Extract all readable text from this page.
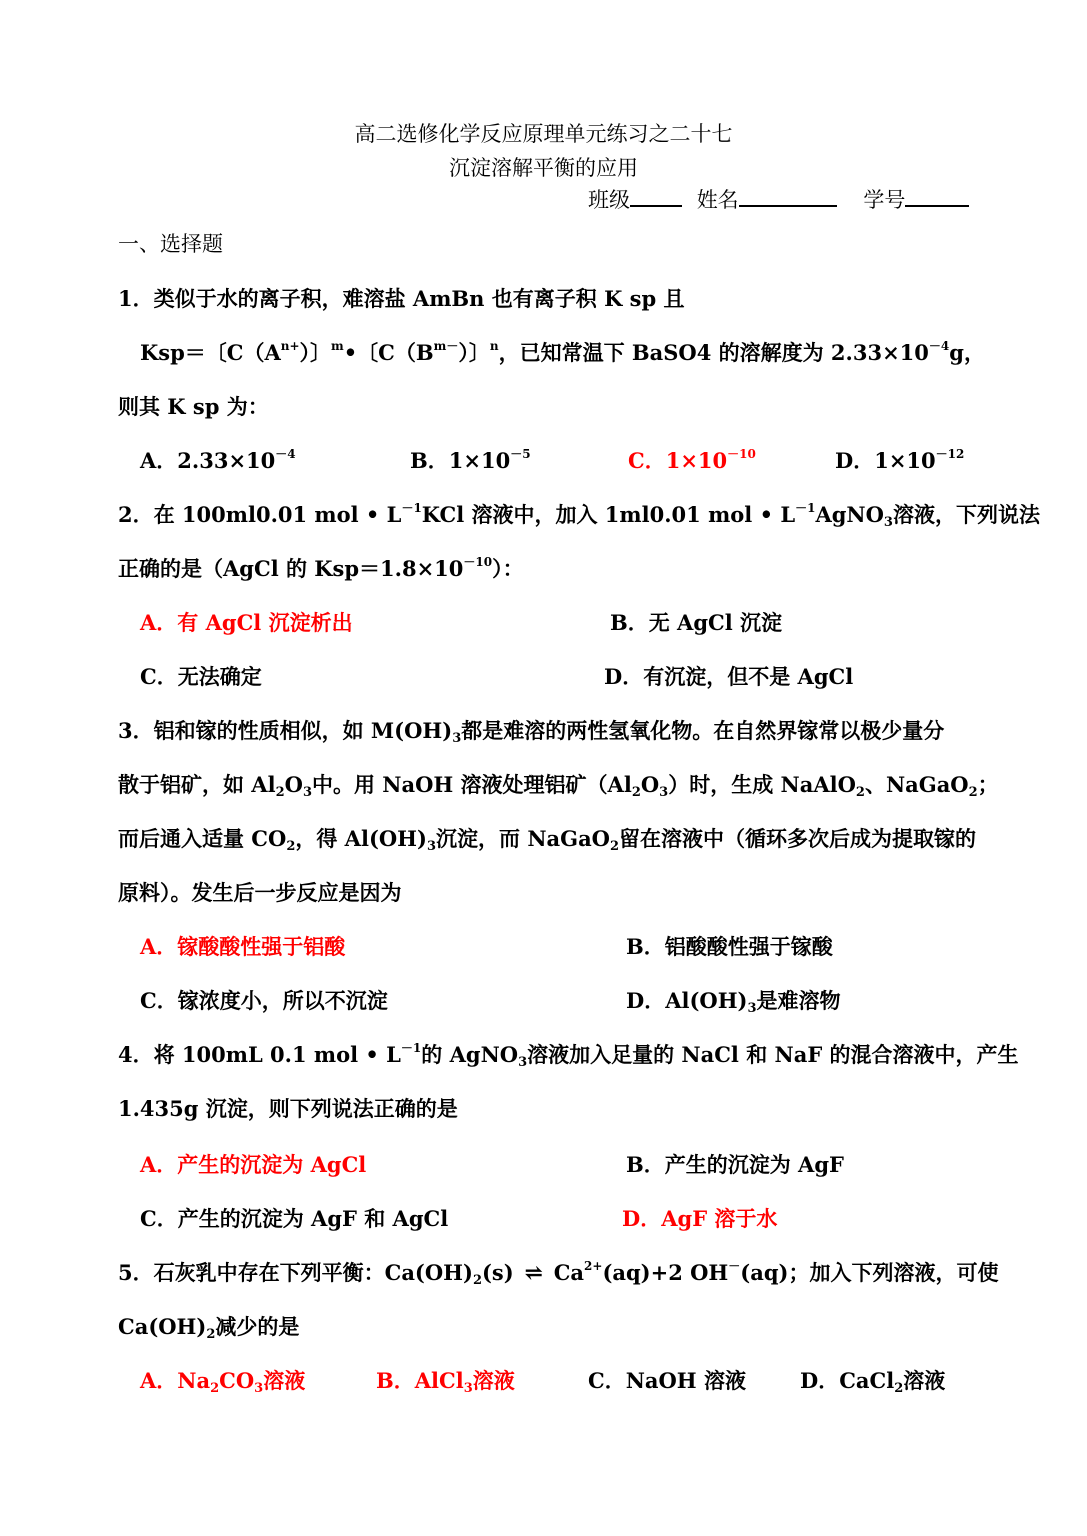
高二选修化学反应原理单元练习之二十七
沉淀溶解平衡的应用
班级	姓名	学号
一、选择题
1．类似于水的离子积，难溶盐 AmBn 也有离子积 K sp 且
Ksp＝〔$C(A^{n+})$〕$^m$•〔$C(B^{m-})$〕$^n$，已知常温下 BaSO4 的溶解度为 $2.33\times 10^{-4}g$，
则其 K sp 为：
A．$2.33\times 10^{-4}$	B．$1\times 10^{-5}$	C．$1\times 10^{-10}$	D．$1\times 10^{-12}$
2．在 100ml0.01 mol • $L^{-1}KCl$ 溶液中，加入 1ml0.01 mol • $L^{-1}AgNO_3$溶液，下列说法
正确的是（AgCl 的 $Ksp=1.8\times 10^{-10}$）：
A．有 AgCl 沉淀析出	B．无 AgCl 沉淀
C．无法确定	D．有沉淀，但不是 AgCl
3．铝和镓的性质相似，如 $M(OH)_3$都是难溶的两性氢氧化物。在自然界镓常以极少量分
散于铝矿，如 $Al_2O_3$中。用 NaOH 溶液处理铝矿$(Al_2O_3)$时，生成 NaAlO$_2$、NaGaO$_2$；
而后通入适量 $CO_2$，得 $Al(OH)_3$沉淀，而 NaGaO$_2$留在溶液中（循环多次后成为提取镓的
原料）。发生后一步反应是因为
A．镓酸酸性强于铝酸	B．铝酸酸性强于镓酸
C．镓浓度小，所以不沉淀	D．$Al(OH)_3$是难溶物
4．将 100mL 0.1 mol • $L^{-1}$的 AgNO$_3$溶液加入足量的 NaCl 和 NaF 的混合溶液中，产生
1.435g 沉淀，则下列说法正确的是
A．产生的沉淀为 AgCl	B．产生的沉淀为 AgF
C．产生的沉淀为 AgF 和 AgCl	D．AgF 溶于水
5．石灰乳中存在下列平衡：$Ca(OH)_2(s)$ ⇌ $Ca^{2+}(aq)+2$ OH－(aq)；加入下列溶液，可使
$Ca(OH)_2$减少的是
A．$Na_2CO_3$溶液	B．AlCl$_3$溶液	C．NaOH 溶液	D．CaCl$_2$溶液
